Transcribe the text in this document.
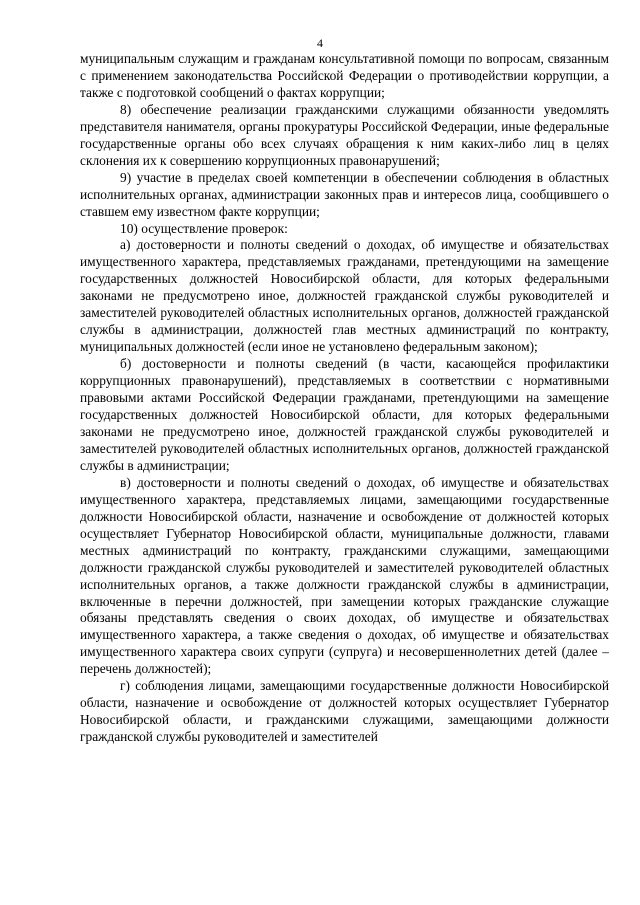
4

муниципальным служащим и гражданам консультативной помощи по вопросам, связанным с применением законодательства Российской Федерации о противодействии коррупции, а также с подготовкой сообщений о фактах коррупции;

8) обеспечение реализации гражданскими служащими обязанности уведомлять представителя нанимателя, органы прокуратуры Российской Федерации, иные федеральные государственные органы обо всех случаях обращения к ним каких-либо лиц в целях склонения их к совершению коррупционных правонарушений;

9) участие в пределах своей компетенции в обеспечении соблюдения в областных исполнительных органах, администрации законных прав и интересов лица, сообщившего о ставшем ему известном факте коррупции;

10) осуществление проверок:

а) достоверности и полноты сведений о доходах, об имуществе и обязательствах имущественного характера, представляемых гражданами, претендующими на замещение государственных должностей Новосибирской области, для которых федеральными законами не предусмотрено иное, должностей гражданской службы руководителей и заместителей руководителей областных исполнительных органов, должностей гражданской службы в администрации, должностей глав местных администраций по контракту, муниципальных должностей (если иное не установлено федеральным законом);

б) достоверности и полноты сведений (в части, касающейся профилактики коррупционных правонарушений), представляемых в соответствии с нормативными правовыми актами Российской Федерации гражданами, претендующими на замещение государственных должностей Новосибирской области, для которых федеральными законами не предусмотрено иное, должностей гражданской службы руководителей и заместителей руководителей областных исполнительных органов, должностей гражданской службы в администрации;

в) достоверности и полноты сведений о доходах, об имуществе и обязательствах имущественного характера, представляемых лицами, замещающими государственные должности Новосибирской области, назначение и освобождение от должностей которых осуществляет Губернатор Новосибирской области, муниципальные должности, главами местных администраций по контракту, гражданскими служащими, замещающими должности гражданской службы руководителей и заместителей руководителей областных исполнительных органов, а также должности гражданской службы в администрации, включенные в перечни должностей, при замещении которых гражданские служащие обязаны представлять сведения о своих доходах, об имуществе и обязательствах имущественного характера, а также сведения о доходах, об имуществе и обязательствах имущественного характера своих супруги (супруга) и несовершеннолетних детей (далее – перечень должностей);

г) соблюдения лицами, замещающими государственные должности Новосибирской области, назначение и освобождение от должностей которых осуществляет Губернатор Новосибирской области, и гражданскими служащими, замещающими должности гражданской службы руководителей и заместителей
